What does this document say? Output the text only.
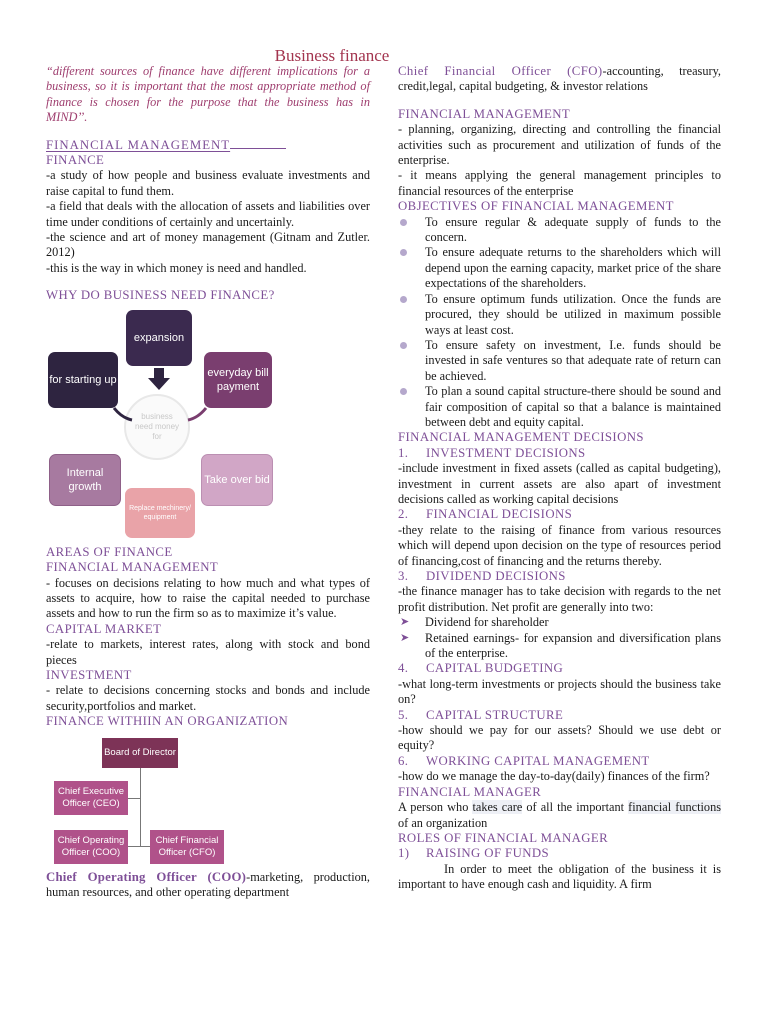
Business finance

“different sources of finance have different implications for a business, so it is important that the most appropriate method of finance is chosen for the purpose that the business has in MIND’’.

FINANCIAL MANAGEMENT
FINANCE

-a study of how people and business evaluate investments and raise capital to fund them.

-a field that deals with the allocation of assets and liabilities over time under conditions of certainly and uncertainly.

-the science and art of money management (Gitnam and Zutler. 2012)

-this is the way in which money is need and handled.

WHY DO BUSINESS NEED FINANCE?
business need money for
expansion
for starting up
everyday bill payment
Internal growth
Take over bid
Replace mechinery/ equipment
AREAS OF FINANCE
FINANCIAL MANAGEMENT

- focuses on decisions relating to how much and what types of assets to acquire, how to raise the capital needed to purchase assets and how to run the firm so as to maximize it’s value.

CAPITAL MARKET

-relate to markets, interest rates, along with stock and bond pieces

INVESTMENT

- relate to decisions concerning stocks and bonds and include security,portfolios and market.

FINANCE WITHIIN AN ORGANIZATION
Board of Director
Chief Executive Officer (CEO)
Chief Operating Officer (COO)
Chief Financial Officer (CFO)

Chief Operating Officer (COO)-marketing, production, human resources, and other operating department

Chief Financial Officer (CFO)-accounting, treasury, credit,legal, capital budgeting, & investor relations

FINANCIAL MANAGEMENT

- planning, organizing, directing and controlling the financial activities such as procurement and utilization of funds of the enterprise.

- it means applying the general management principles to financial resources of the enterprise

OBJECTIVES OF FINANCIAL MANAGEMENT
To ensure regular & adequate supply of funds to the concern.
To ensure adequate returns to the shareholders which will depend upon the earning capacity, market price of the share expectations of the shareholders.
To ensure optimum funds utilization. Once the funds are procured, they should be utilized in maximum possible ways at least cost.
To ensure safety on investment, I.e. funds should be invested in safe ventures so that adequate rate of return can be achieved.
To plan a sound capital structure-there should be sound and fair composition of capital so that a balance is maintained between debt and equity capital.
FINANCIAL MANAGEMENT DECISIONS
1. INVESTMENT DECISIONS

-include investment in fixed assets (called as capital budgeting), investment in current assets are also apart of investment decisions called as working capital decisions

2. FINANCIAL DECISIONS

-they relate to the raising of finance from various resources which will depend upon decision on the type of resources period of financing,cost of financing and the returns thereby.

3. DIVIDEND DECISIONS

-the finance manager has to take decision with regards to the net profit distribution. Net profit are generally into two:

➤ Dividend for shareholder
➤ Retained earnings- for expansion and diversification plans of the enterprise.
4. CAPITAL BUDGETING

-what long-term investments or projects should the business take on?

5. CAPITAL STRUCTURE

-how should we pay for our assets? Should we use debt or equity?

6. WORKING CAPITAL MANAGEMENT

-how do we manage the day-to-day(daily) finances of the firm?

FINANCIAL MANAGER

A person who takes care of all the important financial functions of an organization

ROLES OF FINANCIAL MANAGER
1) RAISING OF FUNDS

In order to meet the obligation of the business it is important to have enough cash and liquidity. A firm
